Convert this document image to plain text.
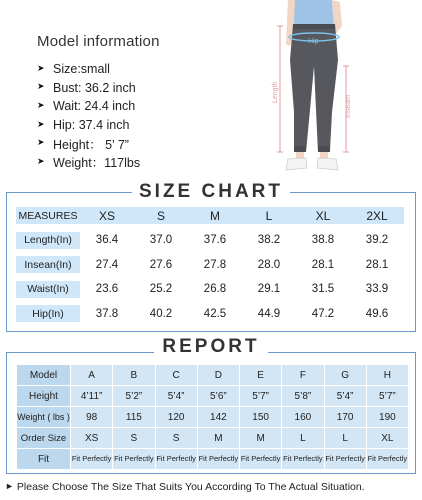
Model information
➤ Size:small
➤ Bust: 36.2 inch
➤ Wait: 24.4 inch
➤ Hip: 37.4 inch
➤ Height： 5’ 7”
➤ Weight：117lbs
Hip
Length
Inseam
SIZE CHART
MEASURES	XS	S	M	L	XL	2XL
Length(In)	36.4	37.0	37.6	38.2	38.8	39.2
Insean(In)	27.4	27.6	27.8	28.0	28.1	28.1
Waist(In)	23.6	25.2	26.8	29.1	31.5	33.9
Hip(In)	37.8	40.2	42.5	44.9	47.2	49.6
REPORT
Model	A	B	C	D	E	F	G	H
Height	4’11”	5’2”	5’4”	5’6”	5’7”	5’8”	5’4”	5’7”
Weight ( lbs )	98	115	120	142	150	160	170	190
Order Size	XS	S	S	M	M	L	L	XL
Fit	Fit Perfectly	Fit Perfectly	Fit Perfectly	Fit Perfectly	Fit Perfectly	Fit Perfectly	Fit Perfectly	Fit Perfectly
► Please Choose The Size That Suits You According To The Actual Situation.
